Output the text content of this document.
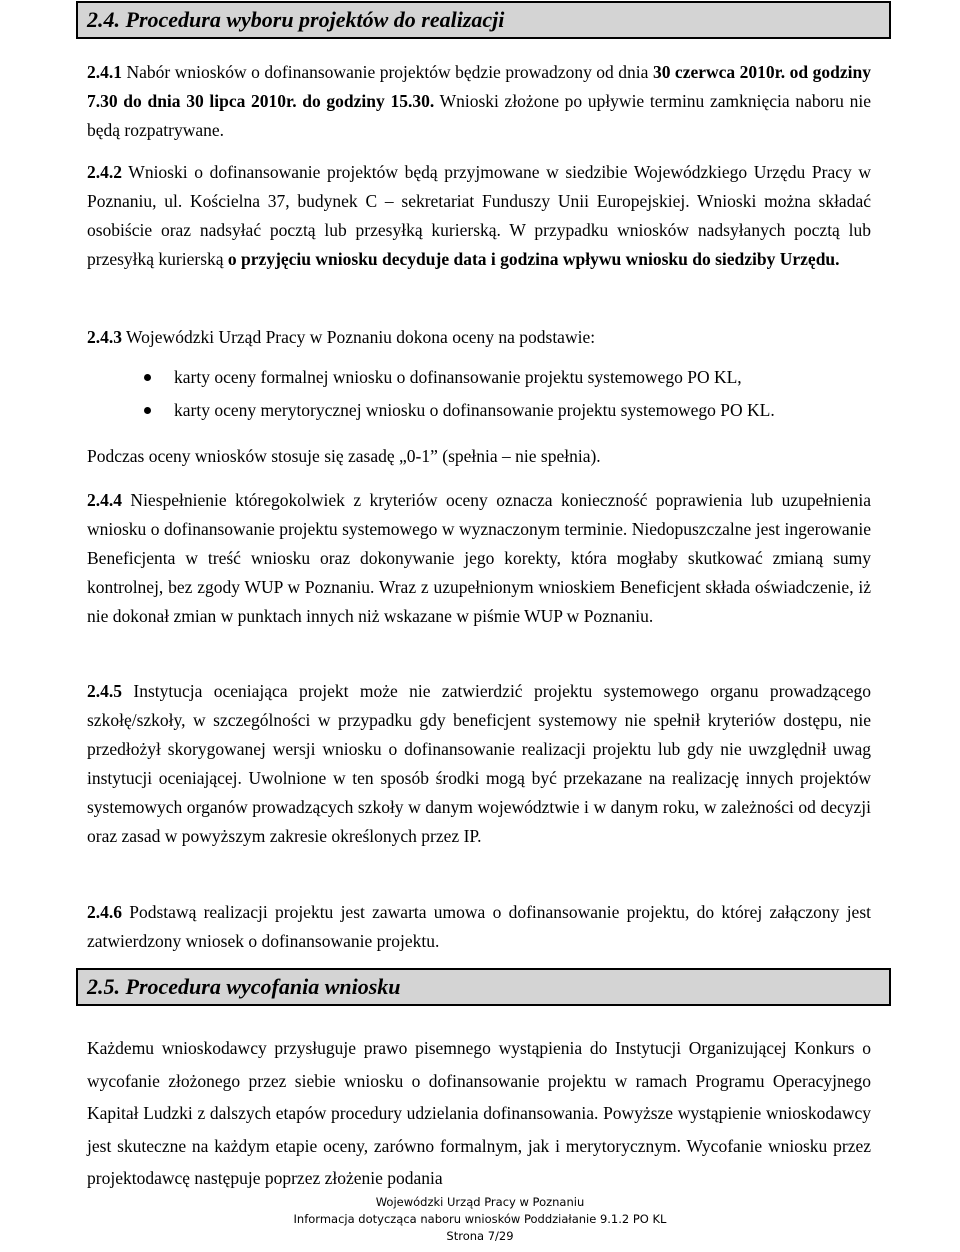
2.4. Procedura wyboru projektów do realizacji

2.4.1 Nabór wniosków o dofinansowanie projektów będzie prowadzony od dnia 30 czerwca 2010r. od godziny 7.30 do dnia 30 lipca 2010r. do godziny 15.30. Wnioski złożone po upływie terminu zamknięcia naboru nie będą rozpatrywane.

2.4.2 Wnioski o dofinansowanie projektów będą przyjmowane w siedzibie Wojewódzkiego Urzędu Pracy w Poznaniu, ul. Kościelna 37, budynek C – sekretariat Funduszy Unii Europejskiej. Wnioski można składać osobiście oraz nadsyłać pocztą lub przesyłką kurierską. W przypadku wniosków nadsyłanych pocztą lub przesyłką kurierską o przyjęciu wniosku decyduje data i godzina wpływu wniosku do siedziby Urzędu.

2.4.3 Wojewódzki Urząd Pracy w Poznaniu dokona oceny na podstawie:

karty oceny formalnej wniosku o dofinansowanie projektu systemowego PO KL,
karty oceny merytorycznej wniosku o dofinansowanie projektu systemowego PO KL.

Podczas oceny wniosków stosuje się zasadę „0-1” (spełnia – nie spełnia).

2.4.4 Niespełnienie któregokolwiek z kryteriów oceny oznacza konieczność poprawienia lub uzupełnienia wniosku o dofinansowanie projektu systemowego w wyznaczonym terminie. Niedopuszczalne jest ingerowanie Beneficjenta w treść wniosku oraz dokonywanie jego korekty, która mogłaby skutkować zmianą sumy kontrolnej, bez zgody WUP w Poznaniu. Wraz z uzupełnionym wnioskiem Beneficjent składa oświadczenie, iż nie dokonał zmian w punktach innych niż wskazane w piśmie WUP w Poznaniu.

2.4.5 Instytucja oceniająca projekt może nie zatwierdzić projektu systemowego organu prowadzącego szkołę/szkoły, w szczególności w przypadku gdy beneficjent systemowy nie spełnił kryteriów dostępu, nie przedłożył skorygowanej wersji wniosku o dofinansowanie realizacji projektu lub gdy nie uwzględnił uwag instytucji oceniającej. Uwolnione w ten sposób środki mogą być przekazane na realizację innych projektów systemowych organów prowadzących szkoły w danym województwie i w danym roku, w zależności od decyzji oraz zasad w powyższym zakresie określonych przez IP.

2.4.6 Podstawą realizacji projektu jest zawarta umowa o dofinansowanie projektu, do której załączony jest zatwierdzony wniosek o dofinansowanie projektu.

2.5. Procedura wycofania wniosku

Każdemu wnioskodawcy przysługuje prawo pisemnego wystąpienia do Instytucji Organizującej Konkurs o wycofanie złożonego przez siebie wniosku o dofinansowanie projektu w ramach Programu Operacyjnego Kapitał Ludzki z dalszych etapów procedury udzielania dofinansowania. Powyższe wystąpienie wnioskodawcy jest skuteczne na każdym etapie oceny, zarówno formalnym, jak i merytorycznym. Wycofanie wniosku przez projektodawcę następuje poprzez złożenie podania

Wojewódzki Urząd Pracy w Poznaniu
Informacja dotycząca naboru wniosków Poddziałanie 9.1.2 PO KL
Strona 7/29
